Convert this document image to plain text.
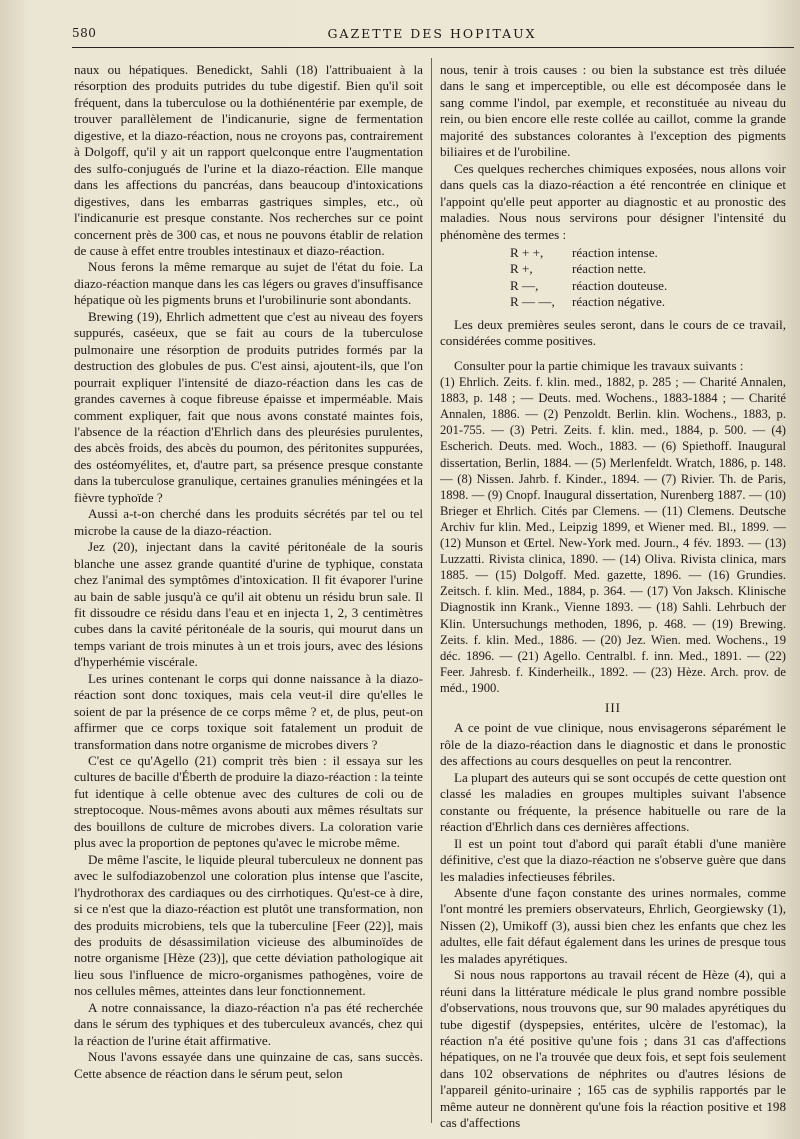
580	GAZETTE DES HOPITAUX

naux ou hépatiques. Benedickt, Sahli (18) l'attribuaient à la résorption des produits putrides du tube digestif. Bien qu'il soit fréquent, dans la tuberculose ou la dothiénentérie par exemple, de trouver parallèlement de l'indicanurie, signe de fermentation digestive, et la diazo-réaction, nous ne croyons pas, contrairement à Dolgoff, qu'il y ait un rapport quelconque entre l'augmentation des sulfo-conjugués de l'urine et la diazo-réaction. Elle manque dans les affections du pancréas, dans beaucoup d'intoxications digestives, dans les embarras gastriques simples, etc., où l'indicanurie est presque constante. Nos recherches sur ce point concernent près de 300 cas, et nous ne pouvons établir de relation de cause à effet entre troubles intestinaux et diazo-réaction.

Nous ferons la même remarque au sujet de l'état du foie. La diazo-réaction manque dans les cas légers ou graves d'insuffisance hépatique où les pigments bruns et l'urobilinurie sont abondants.

Brewing (19), Ehrlich admettent que c'est au niveau des foyers suppurés, caséeux, que se fait au cours de la tuberculose pulmonaire une résorption de produits putrides formés par la destruction des globules de pus. C'est ainsi, ajoutent-ils, que l'on pourrait expliquer l'intensité de diazo-réaction dans les cas de grandes cavernes à coque fibreuse épaisse et imperméable. Mais comment expliquer, fait que nous avons constaté maintes fois, l'absence de la réaction d'Ehrlich dans des pleurésies purulentes, des abcès froids, des abcès du poumon, des péritonites suppurées, des ostéomyélites, et, d'autre part, sa présence presque constante dans la tuberculose granulique, certaines granulies méningées et la fièvre typhoïde ?

Aussi a-t-on cherché dans les produits sécrétés par tel ou tel microbe la cause de la diazo-réaction.

Jez (20), injectant dans la cavité péritonéale de la souris blanche une assez grande quantité d'urine de typhique, constata chez l'animal des symptômes d'intoxication. Il fit évaporer l'urine au bain de sable jusqu'à ce qu'il ait obtenu un résidu brun sale. Il fit dissoudre ce résidu dans l'eau et en injecta 1, 2, 3 centimètres cubes dans la cavité péritonéale de la souris, qui mourut dans un temps variant de trois minutes à un et trois jours, avec des lésions d'hyperhémie viscérale.

Les urines contenant le corps qui donne naissance à la diazo-réaction sont donc toxiques, mais cela veut-il dire qu'elles le soient de par la présence de ce corps même ? et, de plus, peut-on affirmer que ce corps toxique soit fatalement un produit de transformation dans notre organisme de microbes divers ?

C'est ce qu'Agello (21) comprit très bien : il essaya sur les cultures de bacille d'Éberth de produire la diazo-réaction : la teinte fut identique à celle obtenue avec des cultures de coli ou de streptocoque. Nous-mêmes avons abouti aux mêmes résultats sur des bouillons de culture de microbes divers. La coloration varie plus avec la proportion de peptones qu'avec le microbe même.

De même l'ascite, le liquide pleural tuberculeux ne donnent pas avec le sulfodiazobenzol une coloration plus intense que l'ascite, l'hydrothorax des cardiaques ou des cirrhotiques. Qu'est-ce à dire, si ce n'est que la diazo-réaction est plutôt une transformation, non des produits microbiens, tels que la tuberculine [Feer (22)], mais des produits de désassimilation vicieuse des albuminoïdes de notre organisme [Hèze (23)], que cette déviation pathologique ait lieu sous l'influence de micro-organismes pathogènes, voire de nos cellules mêmes, atteintes dans leur fonctionnement.

A notre connaissance, la diazo-réaction n'a pas été recherchée dans le sérum des typhiques et des tuberculeux avancés, chez qui la réaction de l'urine était affirmative.

Nous l'avons essayée dans une quinzaine de cas, sans succès. Cette absence de réaction dans le sérum peut, selon

nous, tenir à trois causes : ou bien la substance est très diluée dans le sang et imperceptible, ou elle est décomposée dans le sang comme l'indol, par exemple, et reconstituée au niveau du rein, ou bien encore elle reste collée au caillot, comme la grande majorité des substances colorantes à l'exception des pigments biliaires et de l'urobiline.

Ces quelques recherches chimiques exposées, nous allons voir dans quels cas la diazo-réaction a été rencontrée en clinique et l'appoint qu'elle peut apporter au diagnostic et au pronostic des maladies. Nous nous servirons pour désigner l'intensité du phénomène des termes :

R + +,	réaction intense.
R +,	réaction nette.
R —,	réaction douteuse.
R — —,	réaction négative.

Les deux premières seules seront, dans le cours de ce travail, considérées comme positives.

Consulter pour la partie chimique les travaux suivants :

(1) Ehrlich. Zeits. f. klin. med., 1882, p. 285 ; — Charité Annalen, 1883, p. 148 ; — Deuts. med. Wochens., 1883-1884 ; — Charité Annalen, 1886. — (2) Penzoldt. Berlin. klin. Wochens., 1883, p. 201-755. — (3) Petri. Zeits. f. klin. med., 1884, p. 500. — (4) Escherich. Deuts. med. Woch., 1883. — (6) Spiethoff. Inaugural dissertation, Berlin, 1884. — (5) Merlenfeldt. Wratch, 1886, p. 148. — (8) Nissen. Jahrb. f. Kinder., 1894. — (7) Rivier. Th. de Paris, 1898. — (9) Cnopf. Inaugural dissertation, Nurenberg 1887. — (10) Brieger et Ehrlich. Cités par Clemens. — (11) Clemens. Deutsche Archiv fur klin. Med., Leipzig 1899, et Wiener med. Bl., 1899. — (12) Munson et Œrtel. New-York med. Journ., 4 fév. 1893. — (13) Luzzatti. Rivista clinica, 1890. — (14) Oliva. Rivista clinica, mars 1885. — (15) Dolgoff. Med. gazette, 1896. — (16) Grundies. Zeitsch. f. klin. Med., 1884, p. 364. — (17) Von Jaksch. Klinische Diagnostik inn Krank., Vienne 1893. — (18) Sahli. Lehrbuch der Klin. Untersuchungs methoden, 1896, p. 468. — (19) Brewing. Zeits. f. klin. Med., 1886. — (20) Jez. Wien. med. Wochens., 19 déc. 1896. — (21) Agello. Centralbl. f. inn. Med., 1891. — (22) Feer. Jahresb. f. Kinderheilk., 1892. — (23) Hèze. Arch. prov. de méd., 1900.

III

A ce point de vue clinique, nous envisagerons séparément le rôle de la diazo-réaction dans le diagnostic et dans le pronostic des affections au cours desquelles on peut la rencontrer.

La plupart des auteurs qui se sont occupés de cette question ont classé les maladies en groupes multiples suivant l'absence constante ou fréquente, la présence habituelle ou rare de la réaction d'Ehrlich dans ces dernières affections.

Il est un point tout d'abord qui paraît établi d'une manière définitive, c'est que la diazo-réaction ne s'observe guère que dans les maladies infectieuses fébriles.

Absente d'une façon constante des urines normales, comme l'ont montré les premiers observateurs, Ehrlich, Georgiewsky (1), Nissen (2), Umikoff (3), aussi bien chez les enfants que chez les adultes, elle fait défaut également dans les urines de presque tous les malades apyrétiques.

Si nous nous rapportons au travail récent de Hèze (4), qui a réuni dans la littérature médicale le plus grand nombre possible d'observations, nous trouvons que, sur 90 malades apyrétiques du tube digestif (dyspepsies, entérites, ulcère de l'estomac), la réaction n'a été positive qu'une fois ; dans 31 cas d'affections hépatiques, on ne l'a trouvée que deux fois, et sept fois seulement dans 102 observations de néphrites ou d'autres lésions de l'appareil génito-urinaire ; 165 cas de syphilis rapportés par le même auteur ne donnèrent qu'une fois la réaction positive et 198 cas d'affections
